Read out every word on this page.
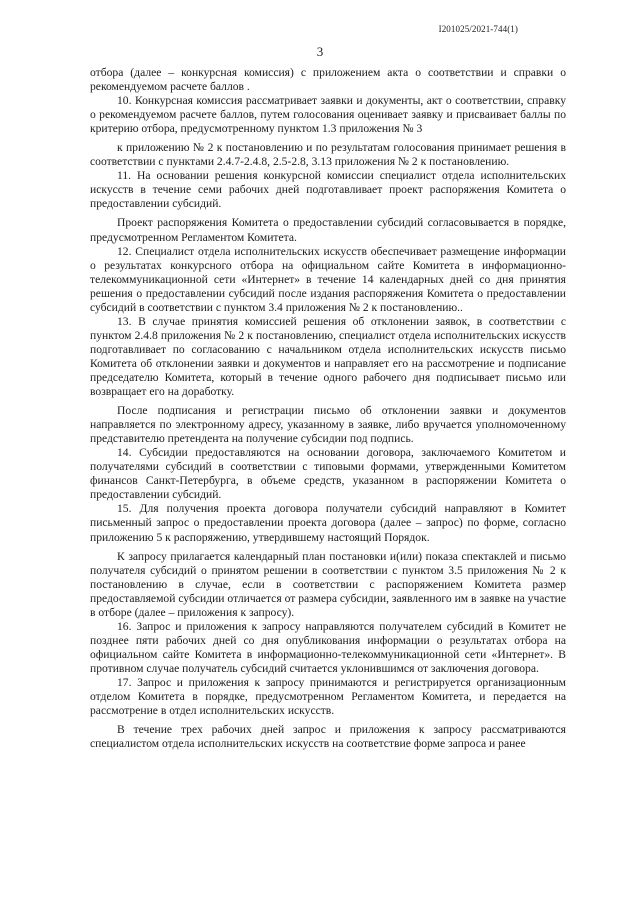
I201025/2021-744(1)
3

отбора (далее – конкурсная комиссия) с приложением акта о соответствии и справки о рекомендуемом расчете баллов .

10. Конкурсная комиссия рассматривает заявки и документы, акт о соответствии, справку о рекомендуемом расчете баллов, путем голосования оценивает заявку и присваивает баллы по критерию отбора, предусмотренному пунктом 1.3 приложения № 3

к приложению № 2 к постановлению и по результатам голосования принимает решения в соответствии с пунктами 2.4.7-2.4.8, 2.5-2.8, 3.13 приложения № 2 к постановлению.

11. На основании решения конкурсной комиссии специалист отдела исполнительских искусств в течение семи рабочих дней подготавливает проект распоряжения Комитета о предоставлении субсидий.

Проект распоряжения Комитета о предоставлении субсидий согласовывается в порядке, предусмотренном Регламентом Комитета.

12. Специалист отдела исполнительских искусств обеспечивает размещение информации о результатах конкурсного отбора на официальном сайте Комитета в информационно-телекоммуникационной сети «Интернет» в течение 14 календарных дней со дня принятия решения о предоставлении субсидий после издания распоряжения Комитета о предоставлении субсидий в соответствии с пунктом 3.4 приложения № 2 к постановлению..

13. В случае принятия комиссией решения об отклонении заявок, в соответствии с пунктом 2.4.8 приложения № 2 к постановлению, специалист отдела исполнительских искусств подготавливает по согласованию с начальником отдела исполнительских искусств письмо Комитета об отклонении заявки и документов и направляет его на рассмотрение и подписание председателю Комитета, который в течение одного рабочего дня подписывает письмо или возвращает его на доработку.

После подписания и регистрации письмо об отклонении заявки и документов направляется по электронному адресу, указанному в заявке, либо вручается уполномоченному представителю претендента на получение субсидии под подпись.

14. Субсидии предоставляются на основании договора, заключаемого Комитетом и получателями субсидий в соответствии с типовыми формами, утвержденными Комитетом финансов Санкт-Петербурга, в объеме средств, указанном в распоряжении Комитета о предоставлении субсидий.

15. Для получения проекта договора получатели субсидий направляют в Комитет письменный запрос о предоставлении проекта договора (далее – запрос) по форме, согласно приложению 5 к распоряжению, утвердившему настоящий Порядок.

К запросу прилагается календарный план постановки и(или) показа спектаклей и письмо получателя субсидий о принятом решении в соответствии с пунктом 3.5 приложения № 2 к постановлению в случае, если в соответствии с распоряжением Комитета размер предоставляемой субсидии отличается от размера субсидии, заявленного им в заявке на участие в отборе (далее – приложения к запросу).

16. Запрос и приложения к запросу направляются получателем субсидий в Комитет не позднее пяти рабочих дней со дня опубликования информации о результатах отбора на официальном сайте Комитета в информационно-телекоммуникационной сети «Интернет». В противном случае получатель субсидий считается уклонившимся от заключения договора.

17. Запрос и приложения к запросу принимаются и регистрируется организационным отделом Комитета в порядке, предусмотренном Регламентом Комитета, и передается на рассмотрение в отдел исполнительских искусств.

В течение трех рабочих дней запрос и приложения к запросу рассматриваются специалистом отдела исполнительских искусств на соответствие форме запроса и ранее
